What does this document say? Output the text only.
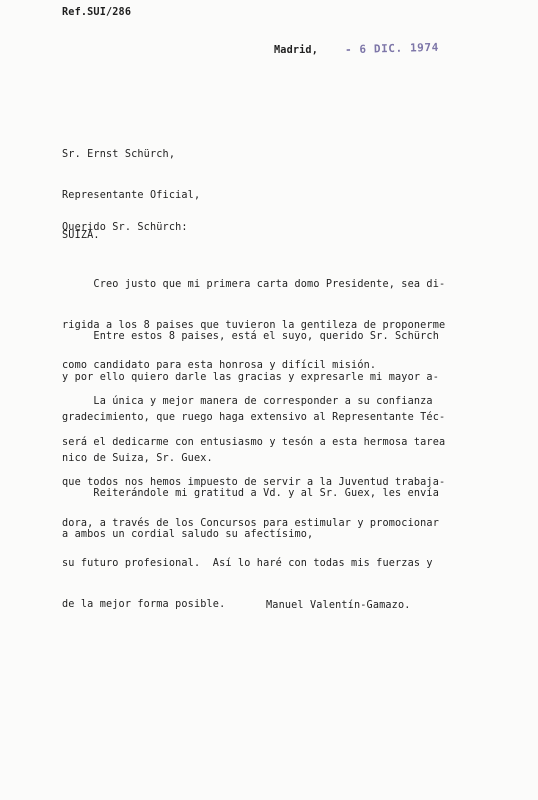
Ref.SUI/286
Madrid, - 6 DIC. 1974

Sr. Ernst Schürch,

Representante Oficial,

SUIZA.

Querido Sr. Schürch:

Creo justo que mi primera carta domo Presidente, sea di-

rigida a los 8 paises que tuvieron la gentileza de proponerme

como candidato para esta honrosa y difícil misión.

Entre estos 8 paises, está el suyo, querido Sr. Schürch

y por ello quiero darle las gracias y expresarle mi mayor a-

gradecimiento, que ruego haga extensivo al Representante Téc-

nico de Suiza, Sr. Guex.

La única y mejor manera de corresponder a su confianza

será el dedicarme con entusiasmo y tesón a esta hermosa tarea

que todos nos hemos impuesto de servir a la Juventud trabaja-

dora, a través de los Concursos para estimular y promocionar

su futuro profesional.  Así lo haré con todas mis fuerzas y

de la mejor forma posible.

Reiterándole mi gratitud a Vd. y al Sr. Guex, les envía

a ambos un cordial saludo su afectísimo,

Manuel Valentín-Gamazo.
